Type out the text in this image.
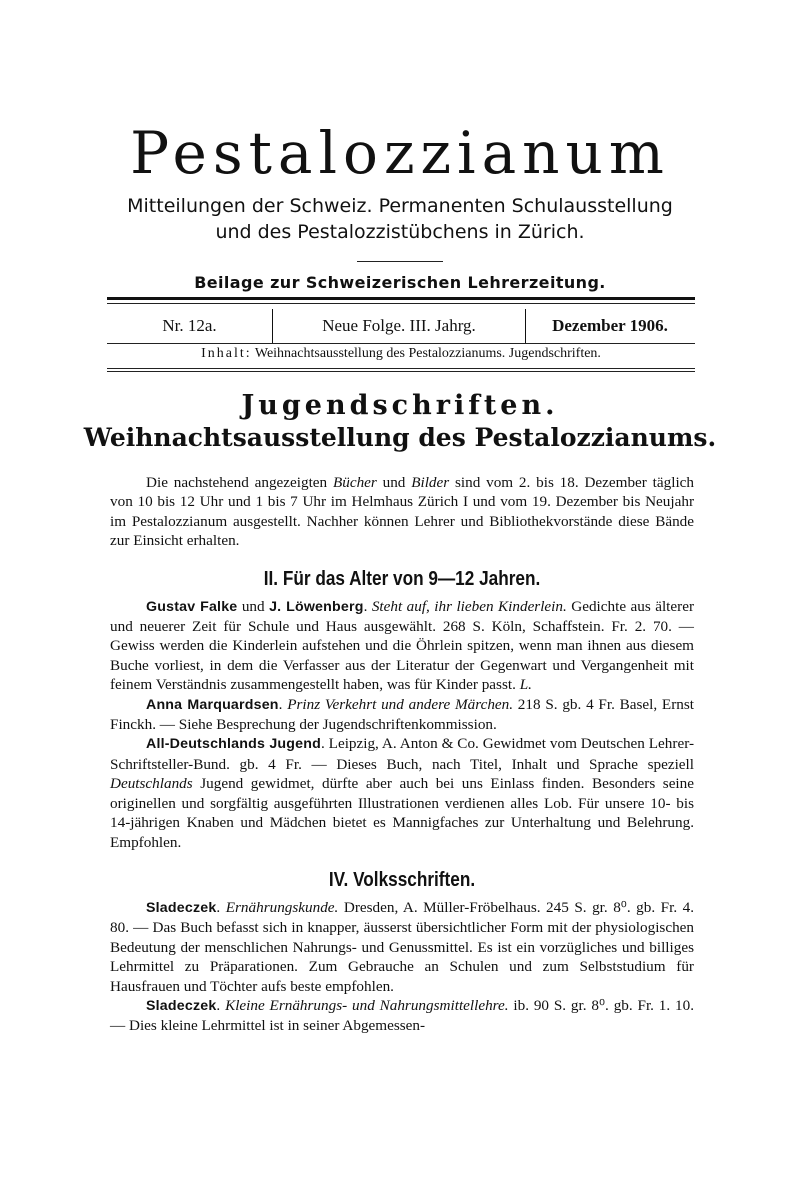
Pestalozzianum
Mitteilungen der Schweiz. Permanenten Schulausstellung
und des Pestalozzistübchens in Zürich.
Beilage zur Schweizerischen Lehrerzeitung.
Nr. 12a.	Neue Folge. III. Jahrg.	Dezember 1906.
Inhalt: Weihnachtsausstellung des Pestalozzianums. Jugendschriften.
Jugendschriften.
Weihnachtsausstellung des Pestalozzianums.

Die nachstehend angezeigten Bücher und Bilder sind vom 2. bis 18. Dezember täglich von 10 bis 12 Uhr und 1 bis 7 Uhr im Helmhaus Zürich I und vom 19. Dezember bis Neujahr im Pestalozzianum ausgestellt. Nachher können Lehrer und Bibliothekvorstände diese Bände zur Einsicht erhalten.

II. Für das Alter von 9—12 Jahren.

Gustav Falke und J. Löwenberg. Steht auf, ihr lieben Kinderlein. Gedichte aus älterer und neuerer Zeit für Schule und Haus ausgewählt. 268 S. Köln, Schaffstein. Fr. 2. 70. — Gewiss werden die Kinderlein aufstehen und die Öhrlein spitzen, wenn man ihnen aus diesem Buche vorliest, in dem die Verfasser aus der Literatur der Gegenwart und Vergangenheit mit feinem Verständnis zusammengestellt haben, was für Kinder passt. L.

Anna Marquardsen. Prinz Verkehrt und andere Märchen. 218 S. gb. 4 Fr. Basel, Ernst Finckh. — Siehe Besprechung der Jugendschriftenkommission.

All-Deutschlands Jugend. Leipzig, A. Anton & Co. Gewidmet vom Deutschen Lehrer-Schriftsteller-Bund. gb. 4 Fr. — Dieses Buch, nach Titel, Inhalt und Sprache speziell Deutschlands Jugend gewidmet, dürfte aber auch bei uns Einlass finden. Besonders seine originellen und sorgfältig ausgeführten Illustrationen verdienen alles Lob. Für unsere 10- bis 14-jährigen Knaben und Mädchen bietet es Mannigfaches zur Unterhaltung und Belehrung. Empfohlen.

IV. Volksschriften.

Sladeczek. Ernährungskunde. Dresden, A. Müller-Fröbelhaus. 245 S. gr. 8⁰. gb. Fr. 4. 80. — Das Buch befasst sich in knapper, äusserst übersichtlicher Form mit der physiologischen Bedeutung der menschlichen Nahrungs- und Genussmittel. Es ist ein vorzügliches und billiges Lehrmittel zu Präparationen. Zum Gebrauche an Schulen und zum Selbststudium für Hausfrauen und Töchter aufs beste empfohlen.

Sladeczek. Kleine Ernährungs- und Nahrungsmittellehre. ib. 90 S. gr. 8⁰. gb. Fr. 1. 10. — Dies kleine Lehrmittel ist in seiner Abgemessen-
